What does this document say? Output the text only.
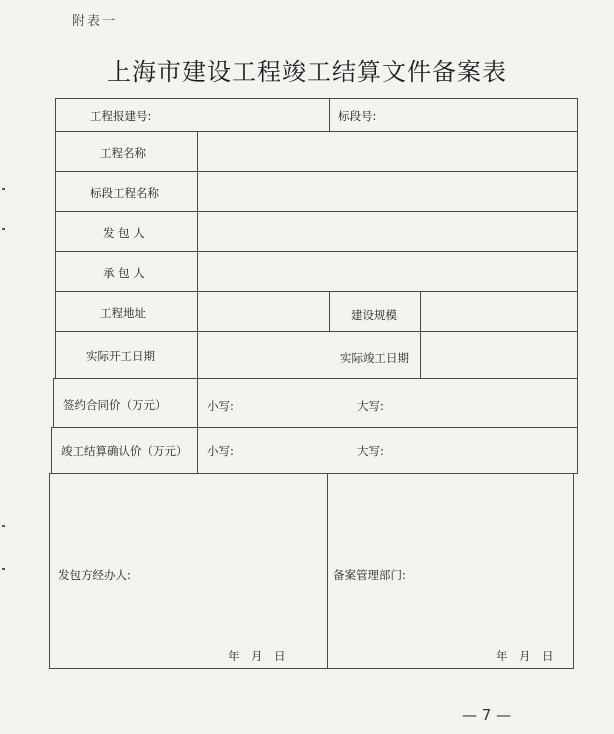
附表一
上海市建设工程竣工结算文件备案表
工程报建号:	标段号:
工程名称
标段工程名称
发 包 人
承 包 人
工程地址	建设规模
实际开工日期	实际竣工日期
签约合同价（万元）	小写:	大写:
竣工结算确认价（万元） 小写:	大写:
发包方经办人:	备案管理部门:
年　月　日	年　月　日
— 7 —
